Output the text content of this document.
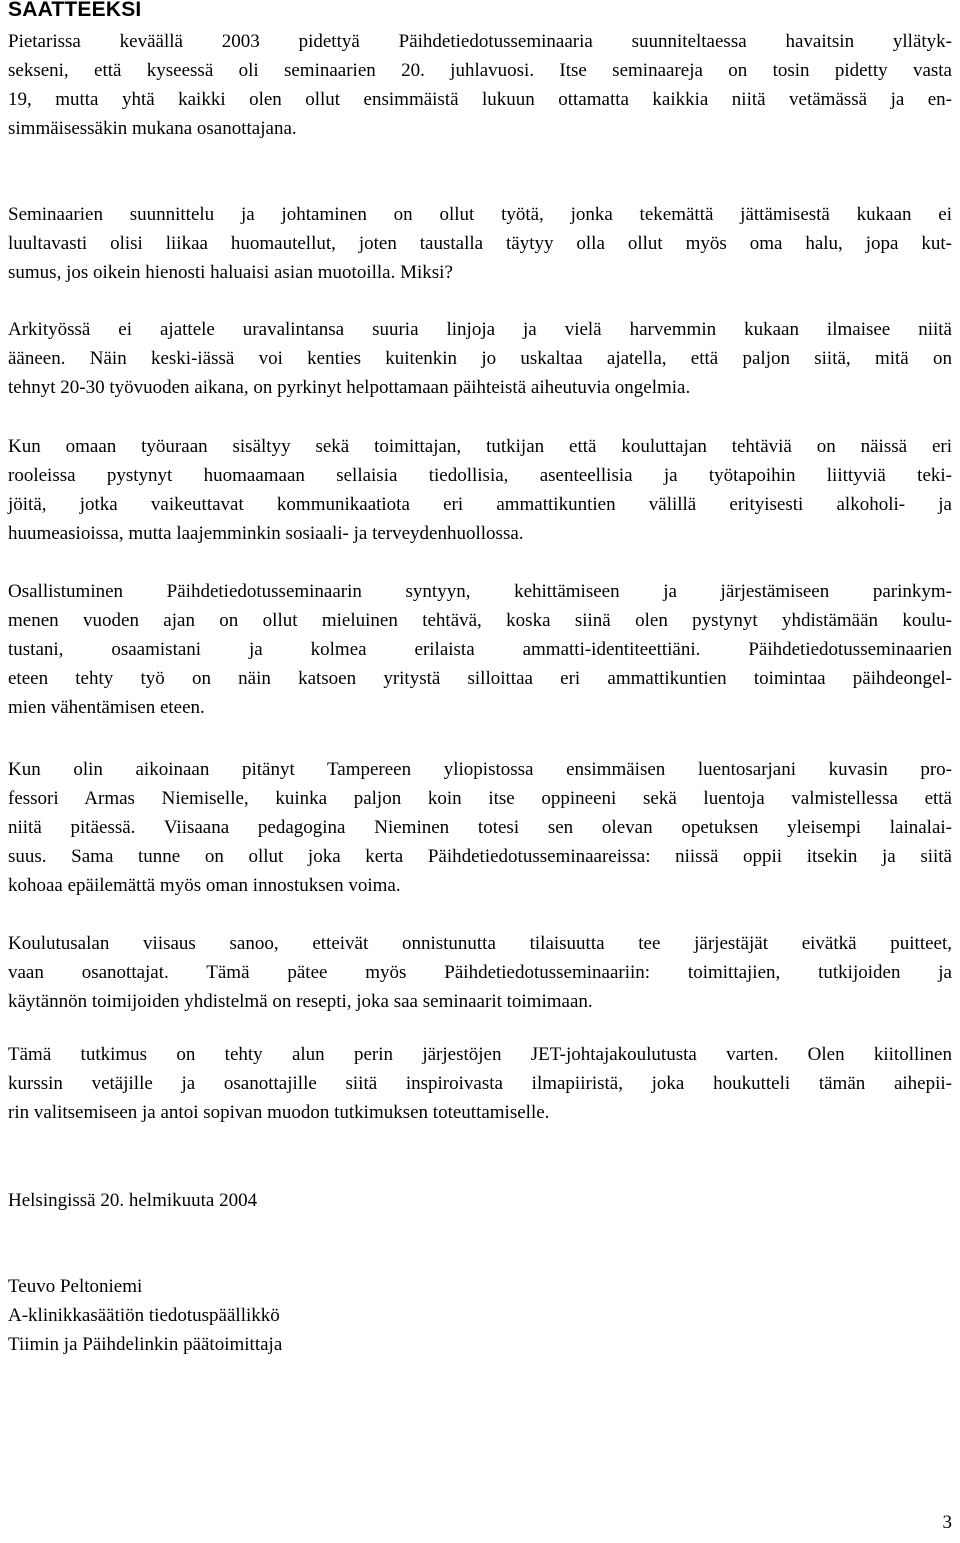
SAATTEEKSI

Pietarissa keväällä 2003 pidettyä Päihdetiedotusseminaaria suunniteltaessa havaitsin yllätyk-
sekseni, että kyseessä oli seminaarien 20. juhlavuosi. Itse seminaareja on tosin pidetty vasta
19, mutta yhtä kaikki olen ollut ensimmäistä lukuun ottamatta kaikkia niitä vetämässä ja en-
simmäisessäkin mukana osanottajana.

Seminaarien suunnittelu ja johtaminen on ollut työtä, jonka tekemättä jättämisestä kukaan ei
luultavasti olisi liikaa huomautellut, joten taustalla täytyy olla ollut myös oma halu, jopa kut-
sumus, jos oikein hienosti haluaisi asian muotoilla. Miksi?

Arkityössä ei ajattele uravalintansa suuria linjoja ja vielä harvemmin kukaan ilmaisee niitä
ääneen. Näin keski-iässä voi kenties kuitenkin jo uskaltaa ajatella, että paljon siitä, mitä on
tehnyt 20-30 työvuoden aikana, on pyrkinyt helpottamaan päihteistä aiheutuvia ongelmia.

Kun omaan työuraan sisältyy sekä toimittajan, tutkijan että kouluttajan tehtäviä on näissä eri
rooleissa pystynyt huomaamaan sellaisia tiedollisia, asenteellisia ja työtapoihin liittyviä teki-
jöitä, jotka vaikeuttavat kommunikaatiota eri ammattikuntien välillä erityisesti alkoholi- ja
huumeasioissa, mutta laajemminkin sosiaali- ja terveydenhuollossa.

Osallistuminen Päihdetiedotusseminaarin syntyyn, kehittämiseen ja järjestämiseen parinkym-
menen vuoden ajan on ollut mieluinen tehtävä, koska siinä olen pystynyt yhdistämään koulu-
tustani, osaamistani ja kolmea erilaista ammatti-identiteettiäni. Päihdetiedotusseminaarien
eteen tehty työ on näin katsoen yritystä silloittaa eri ammattikuntien toimintaa päihdeongel-
mien vähentämisen eteen.

Kun olin aikoinaan pitänyt Tampereen yliopistossa ensimmäisen luentosarjani kuvasin pro-
fessori Armas Niemiselle, kuinka paljon koin itse oppineeni sekä luentoja valmistellessa että
niitä pitäessä. Viisaana pedagogina Nieminen totesi sen olevan opetuksen yleisempi lainalai-
suus. Sama tunne on ollut joka kerta Päihdetiedotusseminaareissa: niissä oppii itsekin ja siitä
kohoaa epäilemättä myös oman innostuksen voima.

Koulutusalan viisaus sanoo, etteivät onnistunutta tilaisuutta tee järjestäjät eivätkä puitteet,
vaan osanottajat. Tämä pätee myös Päihdetiedotusseminaariin: toimittajien, tutkijoiden ja
käytännön toimijoiden yhdistelmä on resepti, joka saa seminaarit toimimaan.

Tämä tutkimus on tehty alun perin järjestöjen JET-johtajakoulutusta varten. Olen kiitollinen
kurssin vetäjille ja osanottajille siitä inspiroivasta ilmapiiristä, joka houkutteli tämän aihepii-
rin valitsemiseen ja antoi sopivan muodon tutkimuksen toteuttamiselle.

Helsingissä 20. helmikuuta 2004

Teuvo Peltoniemi
A-klinikkasäätiön tiedotuspäällikkö
Tiimin ja Päihdelinkin päätoimittaja

3
